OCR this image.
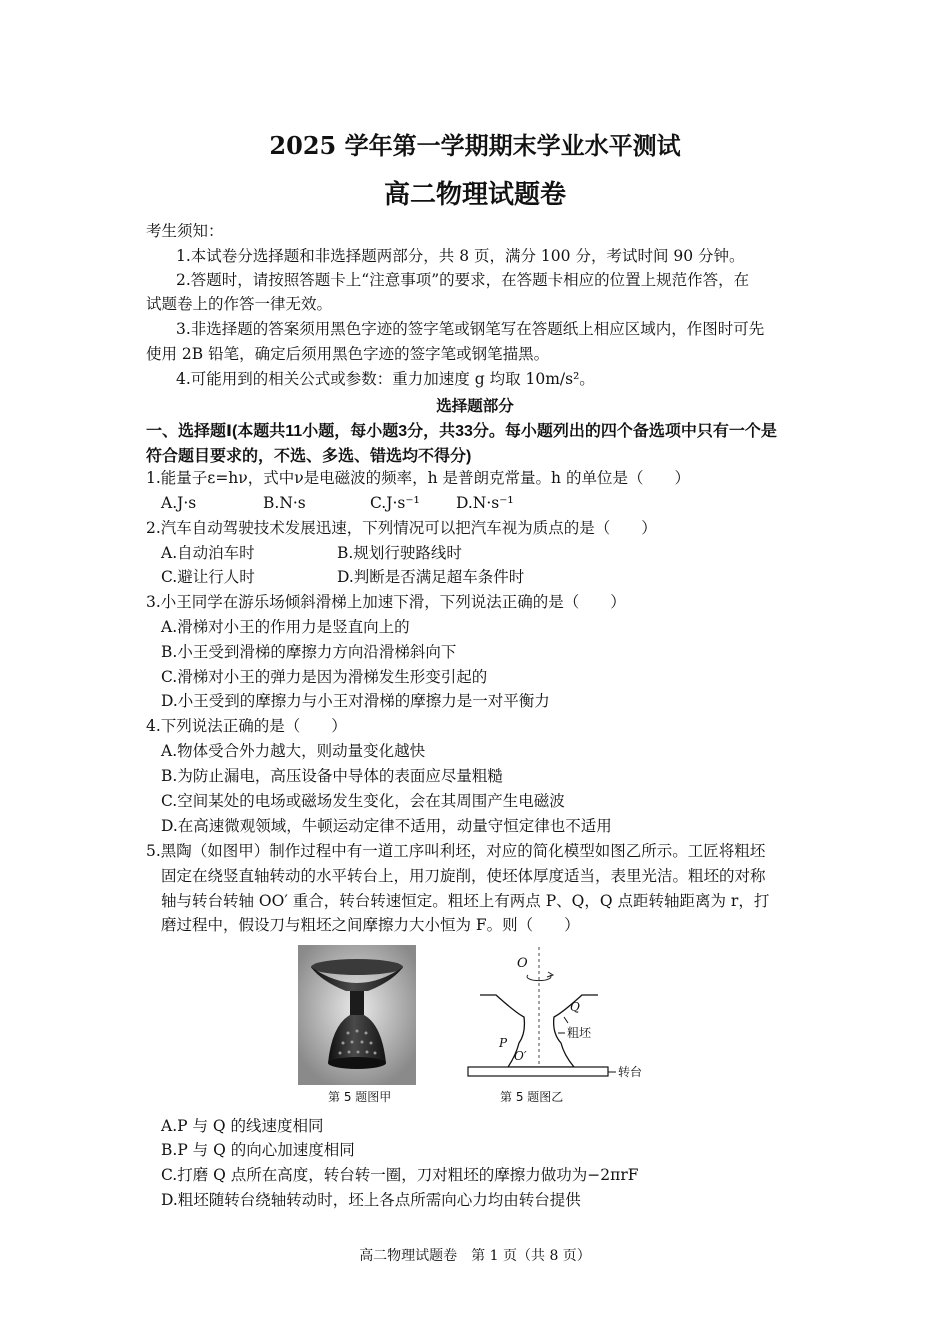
2025 学年第一学期期末学业水平测试
高二物理试题卷
考生须知：
1.本试卷分选择题和非选择题两部分，共 8 页，满分 100 分，考试时间 90 分钟。
2.答题时，请按照答题卡上“注意事项”的要求，在答题卡相应的位置上规范作答，在
试题卷上的作答一律无效。
3.非选择题的答案须用黑色字迹的签字笔或钢笔写在答题纸上相应区域内，作图时可先
使用 2B 铅笔，确定后须用黑色字迹的签字笔或钢笔描黑。
4.可能用到的相关公式或参数：重力加速度 g 均取 10m/s²。
选择题部分
一、选择题Ⅰ(本题共11小题，每小题3分，共33分。每小题列出的四个备选项中只有一个是
符合题目要求的，不选、多选、错选均不得分)
1.能量子ε=hν，式中ν是电磁波的频率，h 是普朗克常量。h 的单位是（　　）
A.J·s	B.N·s	C.J·s⁻¹ D.N·s⁻¹
2.汽车自动驾驶技术发展迅速，下列情况可以把汽车视为质点的是（　　）
A.自动泊车时	B.规划行驶路线时
C.避让行人时	D.判断是否满足超车条件时
3.小王同学在游乐场倾斜滑梯上加速下滑，下列说法正确的是（　　）
A.滑梯对小王的作用力是竖直向上的
B.小王受到滑梯的摩擦力方向沿滑梯斜向下
C.滑梯对小王的弹力是因为滑梯发生形变引起的
D.小王受到的摩擦力与小王对滑梯的摩擦力是一对平衡力
4.下列说法正确的是（　　）
A.物体受合外力越大，则动量变化越快
B.为防止漏电，高压设备中导体的表面应尽量粗糙
C.空间某处的电场或磁场发生变化，会在其周围产生电磁波
D.在高速微观领域，牛顿运动定律不适用，动量守恒定律也不适用
5.黑陶（如图甲）制作过程中有一道工序叫利坯，对应的简化模型如图乙所示。工匠将粗坯
固定在绕竖直轴转动的水平转台上，用刀旋削，使坯体厚度适当，表里光洁。粗坯的对称
轴与转台转轴 OO′ 重合，转台转速恒定。粗坯上有两点 P、Q，Q 点距转轴距离为 r，打
磨过程中，假设刀与粗坯之间摩擦力大小恒为 F。则（　　）
第 5 题图甲
O
Q
粗坯
P
O′
转台
第 5 题图乙
A.P 与 Q 的线速度相同
B.P 与 Q 的向心加速度相同
C.打磨 Q 点所在高度，转台转一圈，刀对粗坯的摩擦力做功为−2πrF
D.粗坯随转台绕轴转动时，坯上各点所需向心力均由转台提供
高二物理试题卷　第 1 页（共 8 页）
